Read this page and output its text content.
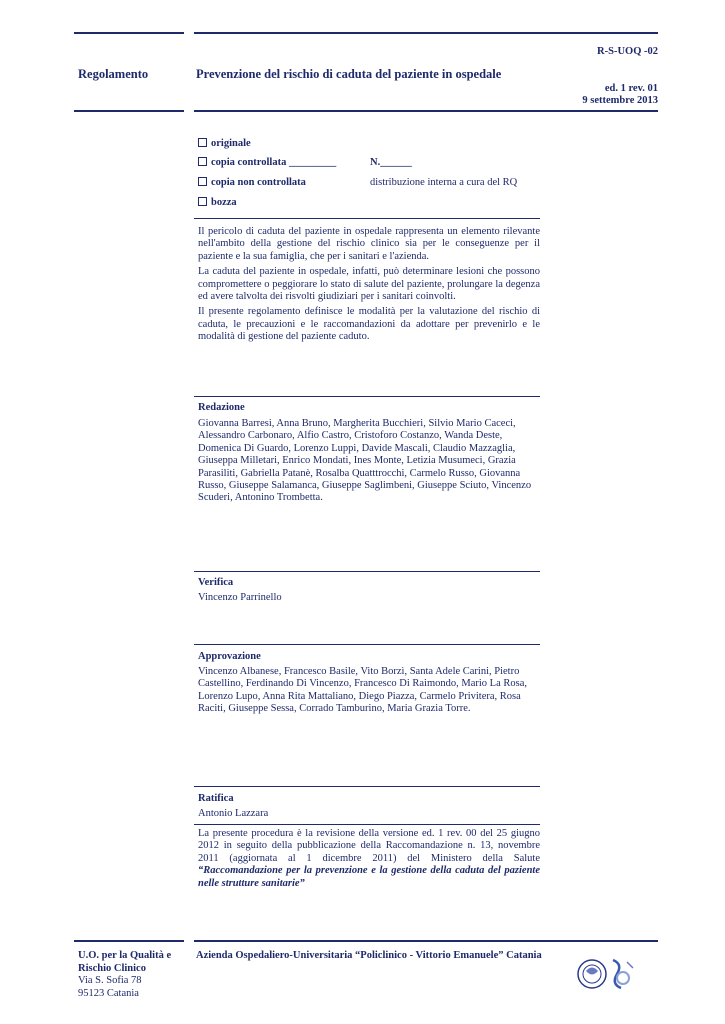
R-S-UOQ -02
Regolamento	Prevenzione del rischio di caduta del paziente in ospedale
ed. 1 rev. 01
9 settembre 2013
originale
copia controllata _________	N.______
copia non controllata	distribuzione interna a cura del RQ
bozza

Il pericolo di caduta del paziente in ospedale rappresenta un elemento rilevante nell'ambito della gestione del rischio clinico sia per le conseguenze per il paziente e la sua famiglia, che per i sanitari e l'azienda.

La caduta del paziente in ospedale, infatti, può determinare lesioni che possono compromettere o peggiorare lo stato di salute del paziente, prolungare la degenza ed avere talvolta dei risvolti giudiziari per i sanitari coinvolti.

Il presente regolamento definisce le modalità per la valutazione del rischio di caduta, le precauzioni e le raccomandazioni da adottare per prevenirlo e le modalità di gestione del paziente caduto.

Redazione
Giovanna Barresi, Anna Bruno, Margherita Bucchieri, Silvio Mario Caceci, Alessandro Carbonaro, Alfio Castro, Cristoforo Costanzo, Wanda Deste, Domenica Di Guardo, Lorenzo Luppi, Davide Mascali, Claudio Mazzaglia, Giuseppa Milletari, Enrico Mondati, Ines Monte, Letizia Musumeci, Grazia Parasiliti, Gabriella Patanè, Rosalba Quatttrocchi, Carmelo Russo, Giovanna Russo, Giuseppe Salamanca, Giuseppe Saglimbeni, Giuseppe Sciuto, Vincenzo Scuderi, Antonino Trombetta.
Verifica
Vincenzo Parrinello
Approvazione
Vincenzo Albanese, Francesco Basile, Vito Borzì, Santa Adele Carini, Pietro Castellino, Ferdinando Di Vincenzo, Francesco Di Raimondo, Mario La Rosa, Lorenzo Lupo, Anna Rita Mattaliano, Diego Piazza, Carmelo Privitera, Rosa Raciti, Giuseppe Sessa, Corrado Tamburino, Maria Grazia Torre.
Ratifica
Antonio Lazzara
La presente procedura è la revisione della versione ed. 1 rev. 00 del 25 giugno 2012 in seguito della pubblicazione della Raccomandazione n. 13, novembre 2011 (aggiornata al 1 dicembre 2011) del Ministero della Salute “Raccomandazione per la prevenzione e la gestione della caduta del paziente nelle strutture sanitarie”
U.O. per la Qualità e
Rischio Clinico
Via S. Sofia 78
95123 Catania
Azienda Ospedaliero-Universitaria “Policlinico - Vittorio Emanuele” Catania
